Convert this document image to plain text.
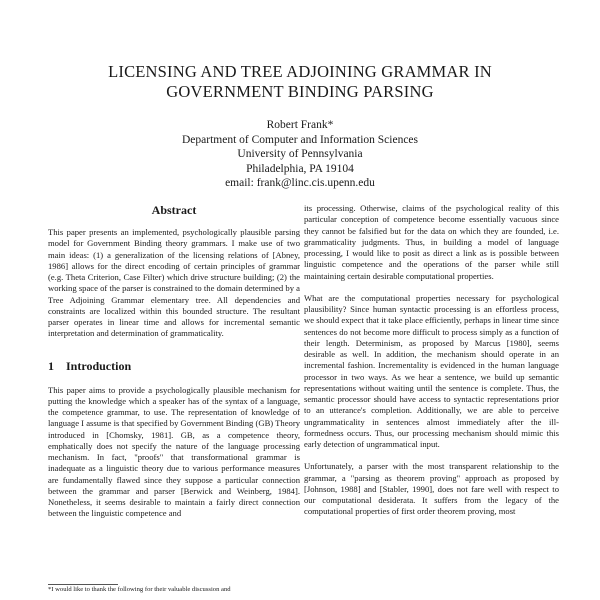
LICENSING AND TREE ADJOINING GRAMMAR IN
GOVERNMENT BINDING PARSING
Robert Frank*
Department of Computer and Information Sciences
University of Pennsylvania
Philadelphia, PA 19104
email: frank@linc.cis.upenn.edu
Abstract

This paper presents an implemented, psychologically plausible parsing model for Government Binding theory grammars. I make use of two main ideas: (1) a generalization of the licensing relations of [Abney, 1986] allows for the direct encoding of certain principles of grammar (e.g. Theta Criterion, Case Filter) which drive structure building; (2) the working space of the parser is constrained to the domain determined by a Tree Adjoining Grammar elementary tree. All dependencies and constraints are localized within this bounded structure. The resultant parser operates in linear time and allows for incremental semantic interpretation and determination of grammaticality.

1 Introduction

This paper aims to provide a psychologically plausible mechanism for putting the knowledge which a speaker has of the syntax of a language, the competence grammar, to use. The representation of knowledge of language I assume is that specified by Government Binding (GB) Theory introduced in [Chomsky, 1981]. GB, as a competence theory, emphatically does not specify the nature of the language processing mechanism. In fact, "proofs" that transformational grammar is inadequate as a linguistic theory due to various performance measures are fundamentally flawed since they suppose a particular connection between the grammar and parser [Berwick and Weinberg, 1984]. Nonetheless, it seems desirable to maintain a fairly direct connection between the linguistic competence and

its processing. Otherwise, claims of the psychological reality of this particular conception of competence become essentially vacuous since they cannot be falsified but for the data on which they are founded, i.e. grammaticality judgments. Thus, in building a model of language processing, I would like to posit as direct a link as is possible between linguistic competence and the operations of the parser while still maintaining certain desirable computational properties.

What are the computational properties necessary for psychological plausibility? Since human syntactic processing is an effortless process, we should expect that it take place efficiently, perhaps in linear time since sentences do not become more difficult to process simply as a function of their length. Determinism, as proposed by Marcus [1980], seems desirable as well. In addition, the mechanism should operate in an incremental fashion. Incrementality is evidenced in the human language processor in two ways. As we hear a sentence, we build up semantic representations without waiting until the sentence is complete. Thus, the semantic processor should have access to syntactic representations prior to an utterance's completion. Additionally, we are able to perceive ungrammaticality in sentences almost immediately after the ill-formedness occurs. Thus, our processing mechanism should mimic this early detection of ungrammatical input.

Unfortunately, a parser with the most transparent relationship to the grammar, a "parsing as theorem proving" approach as proposed by [Johnson, 1988] and [Stabler, 1990], does not fare well with respect to our computational desiderata. It suffers from the legacy of the computational properties of first order theorem proving, most

*I would like to thank the following for their valuable discussion and
